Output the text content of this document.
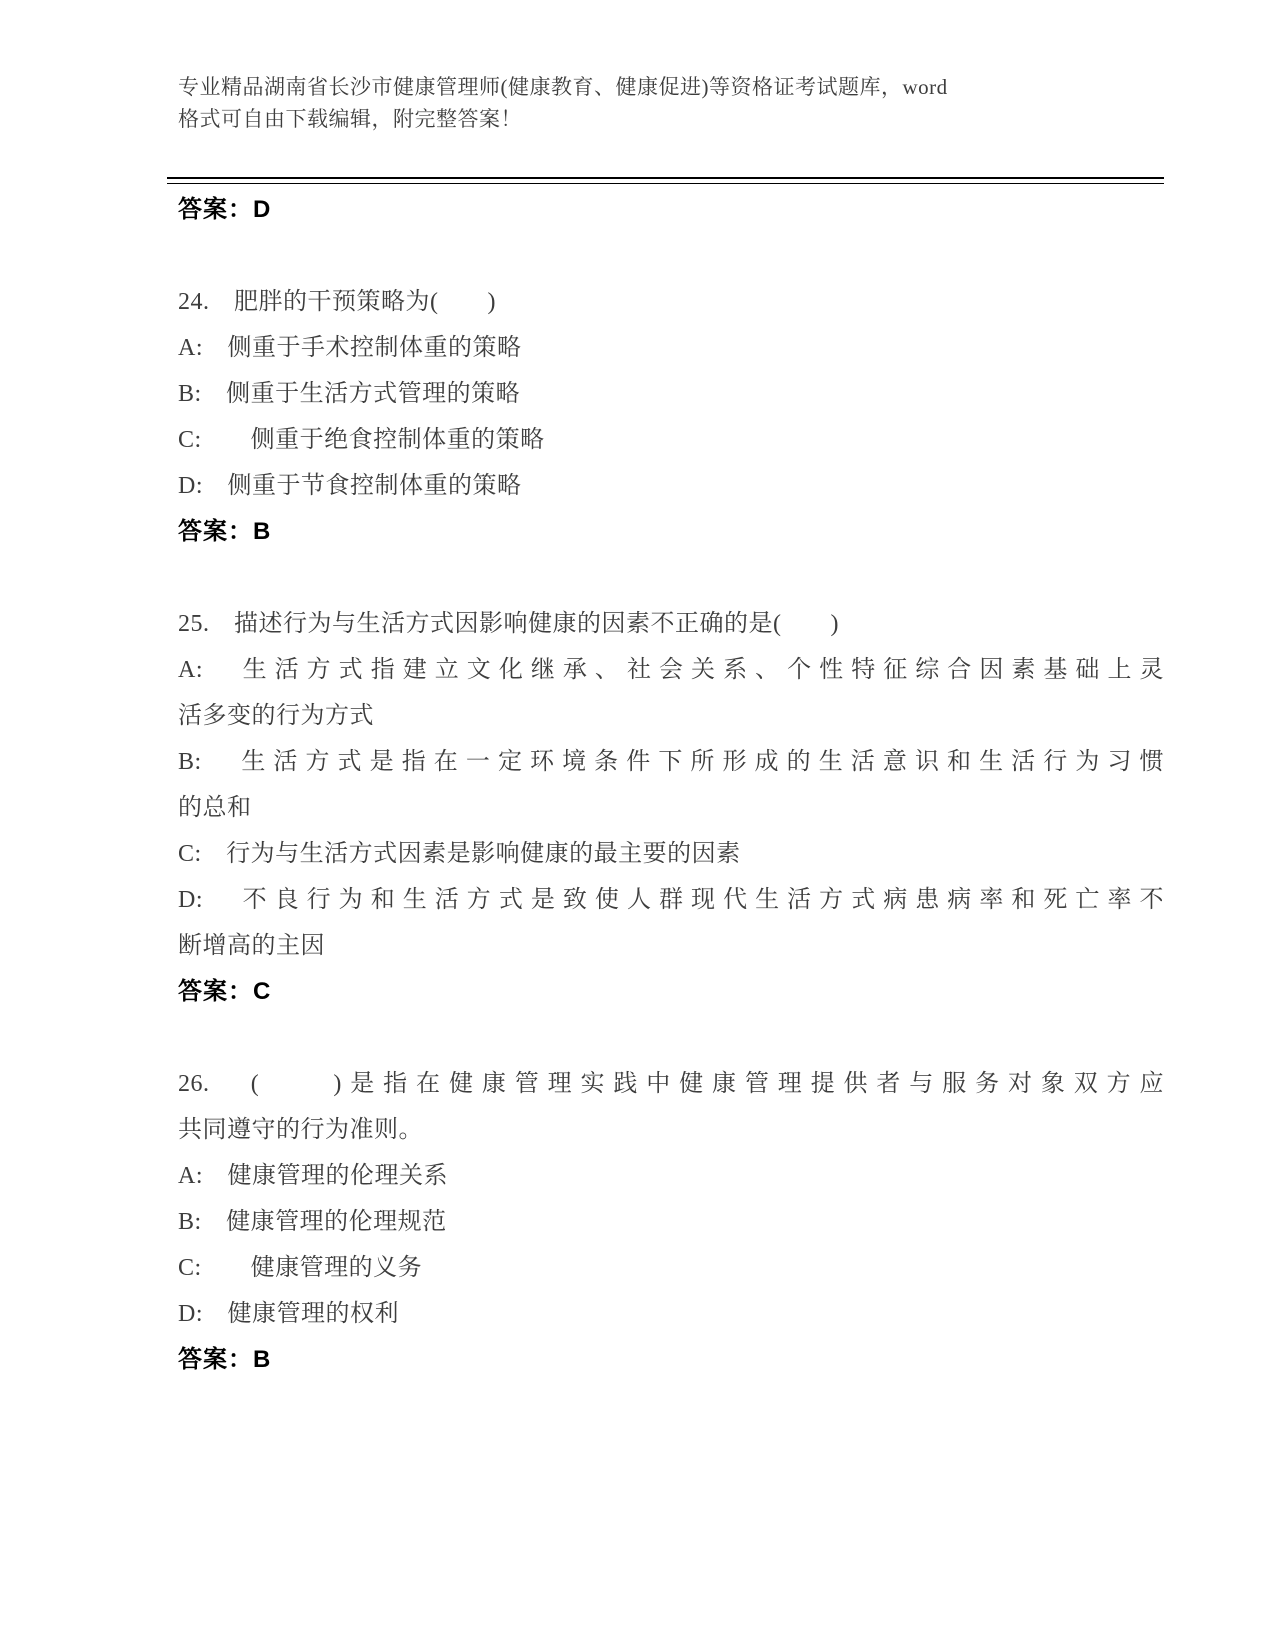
专业精品湖南省长沙市健康管理师(健康教育、健康促进)等资格证考试题库，word
格式可自由下载编辑，附完整答案！
答案：D
24.　肥胖的干预策略为(　　)
A:　侧重于手术控制体重的策略
B:　侧重于生活方式管理的策略
C:　　侧重于绝食控制体重的策略
D:　侧重于节食控制体重的策略
答案：B
25.　描述行为与生活方式因影响健康的因素不正确的是(　　)
A:　生活方式指建立文化继承、社会关系、个性特征综合因素基础上灵
活多变的行为方式
B:　生活方式是指在一定环境条件下所形成的生活意识和生活行为习惯
的总和
C:　行为与生活方式因素是影响健康的最主要的因素
D:　不良行为和生活方式是致使人群现代生活方式病患病率和死亡率不
断增高的主因
答案：C
26.　(　　)是指在健康管理实践中健康管理提供者与服务对象双方应
共同遵守的行为准则。
A:　健康管理的伦理关系
B:　健康管理的伦理规范
C:　　健康管理的义务
D:　健康管理的权利
答案：B
